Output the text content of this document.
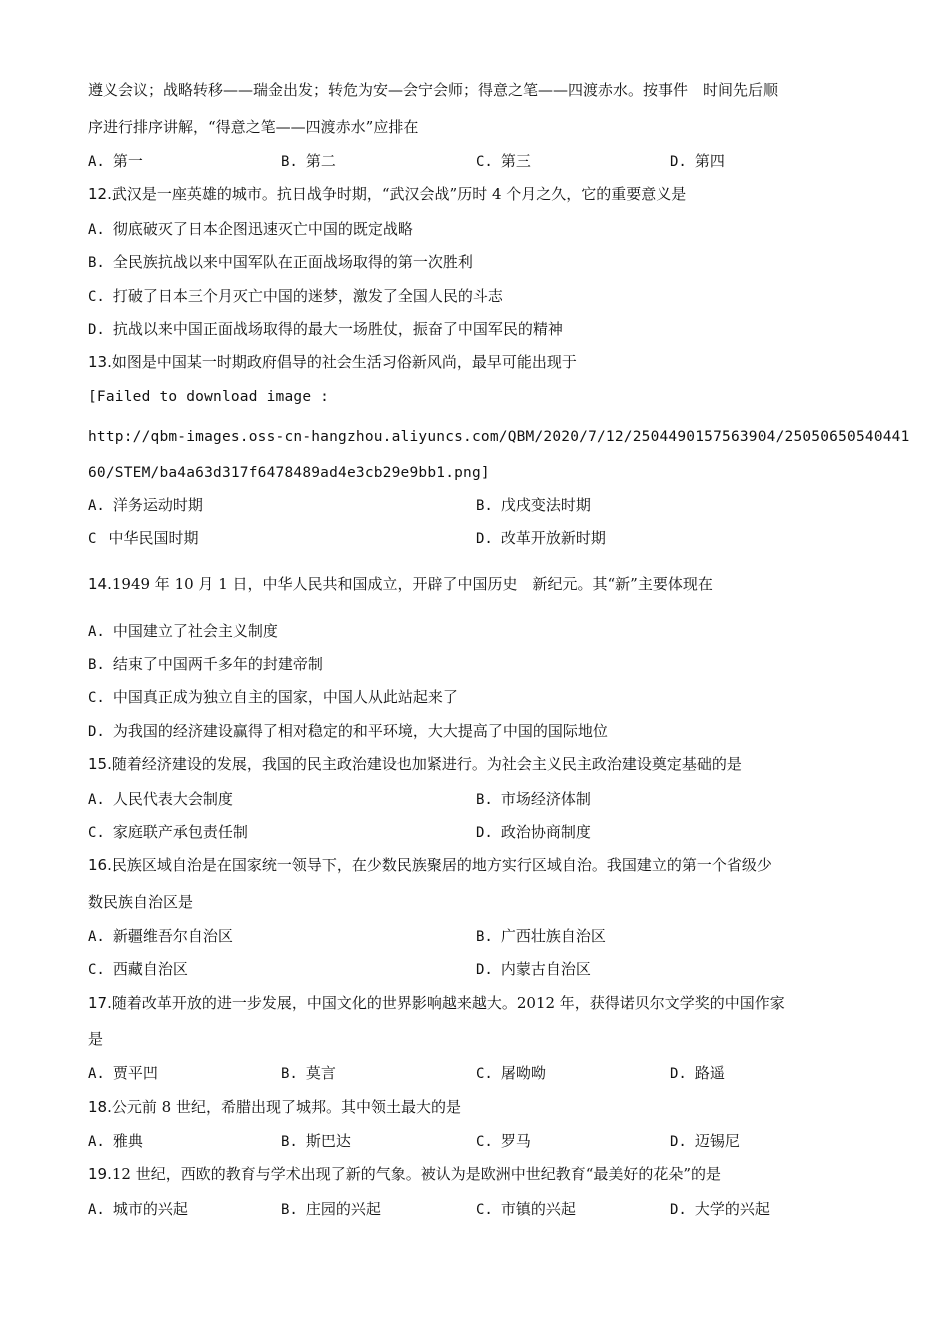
遵义会议；战略转移——瑞金出发；转危为安—会宁会师；得意之笔——四渡赤水。按事件　时间先后顺
序进行排序讲解，“得意之笔——四渡赤水”应排在
A. 第一	B. 第二	C. 第三	D. 第四
12.武汉是一座英雄的城市。抗日战争时期，“武汉会战”历时 4 个月之久，它的重要意义是
A. 彻底破灭了日本企图迅速灭亡中国的既定战略
B. 全民族抗战以来中国军队在正面战场取得的第一次胜利
C. 打破了日本三个月灭亡中国的迷梦，激发了全国人民的斗志
D. 抗战以来中国正面战场取得的最大一场胜仗，振奋了中国军民的精神
13.如图是中国某一时期政府倡导的社会生活习俗新风尚，最早可能出现于
[Failed to download image :
http://qbm-images.oss-cn-hangzhou.aliyuncs.com/QBM/2020/7/12/2504490157563904/25050650540441
60/STEM/ba4a63d317f6478489ad4e3cb29e9bb1.png]
A. 洋务运动时期	B. 戊戌变法时期
C 中华民国时期	D. 改革开放新时期
14.1949 年 10 月 1 日，中华人民共和国成立，开辟了中国历史　新纪元。其“新”主要体现在
A. 中国建立了社会主义制度
B. 结束了中国两千多年的封建帝制
C. 中国真正成为独立自主的国家，中国人从此站起来了
D. 为我国的经济建设赢得了相对稳定的和平环境，大大提高了中国的国际地位
15.随着经济建设的发展，我国的民主政治建设也加紧进行。为社会主义民主政治建设奠定基础的是
A. 人民代表大会制度	B. 市场经济体制
C. 家庭联产承包责任制	D. 政治协商制度
16.民族区域自治是在国家统一领导下，在少数民族聚居的地方实行区域自治。我国建立的第一个省级少
数民族自治区是
A. 新疆维吾尔自治区	B. 广西壮族自治区
C. 西藏自治区	D. 内蒙古自治区
17.随着改革开放的进一步发展，中国文化的世界影响越来越大。2012 年，获得诺贝尔文学奖的中国作家
是
A. 贾平凹	B. 莫言	C. 屠呦呦	D. 路遥
18.公元前 8 世纪，希腊出现了城邦。其中领土最大的是
A. 雅典	B. 斯巴达	C. 罗马	D. 迈锡尼
19.12 世纪，西欧的教育与学术出现了新的气象。被认为是欧洲中世纪教育“最美好的花朵”的是
A. 城市的兴起	B. 庄园的兴起	C. 市镇的兴起	D. 大学的兴起
